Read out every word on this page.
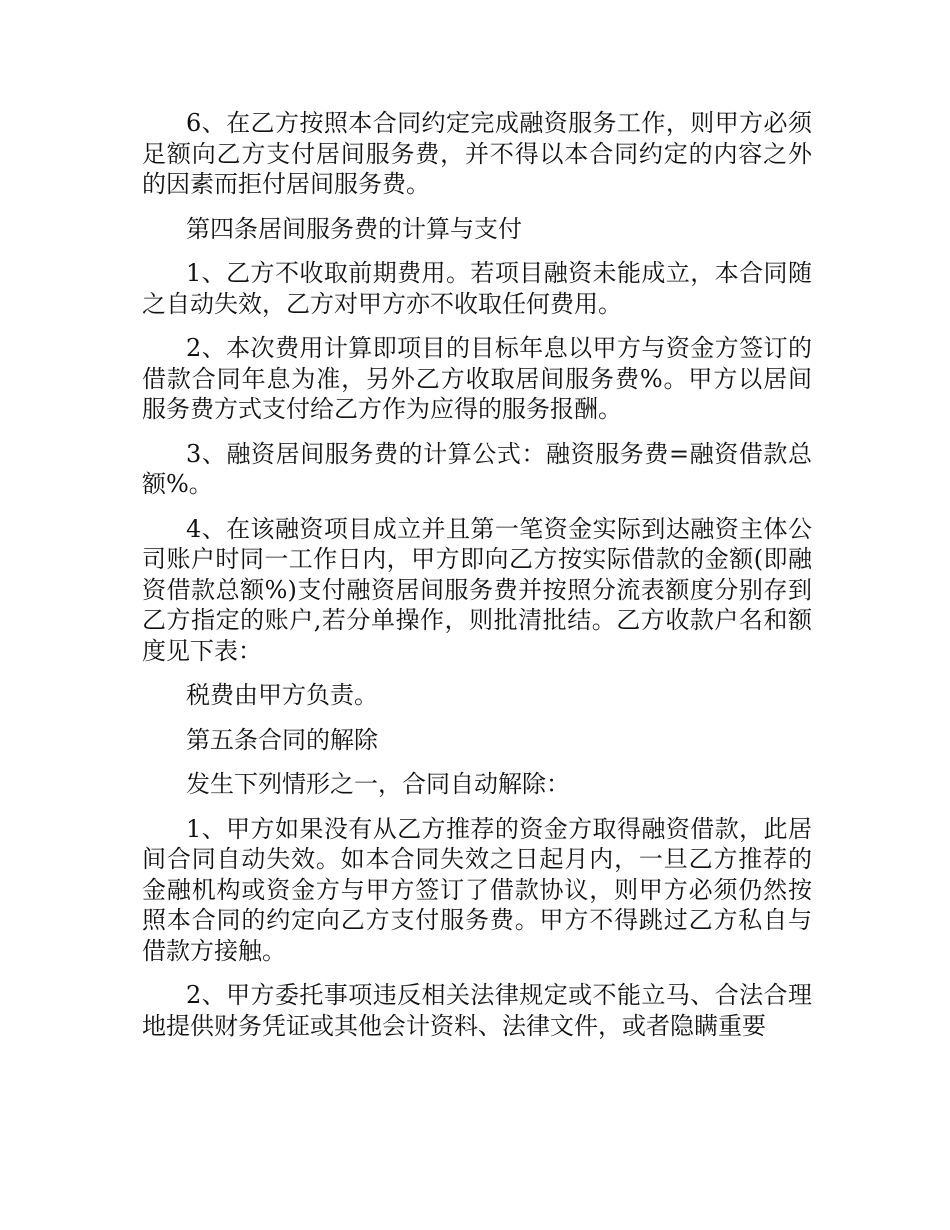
6、在乙方按照本合同约定完成融资服务工作，则甲方必须足额向乙方支付居间服务费，并不得以本合同约定的内容之外的因素而拒付居间服务费。

第四条居间服务费的计算与支付

1、乙方不收取前期费用。若项目融资未能成立，本合同随之自动失效，乙方对甲方亦不收取任何费用。

2、本次费用计算即项目的目标年息以甲方与资金方签订的借款合同年息为准，另外乙方收取居间服务费%。甲方以居间服务费方式支付给乙方作为应得的服务报酬。

3、融资居间服务费的计算公式：融资服务费=融资借款总额%。

4、在该融资项目成立并且第一笔资金实际到达融资主体公司账户时同一工作日内，甲方即向乙方按实际借款的金额(即融资借款总额%)支付融资居间服务费并按照分流表额度分别存到乙方指定的账户,若分单操作，则批清批结。乙方收款户名和额度见下表：

税费由甲方负责。

第五条合同的解除

发生下列情形之一，合同自动解除：

1、甲方如果没有从乙方推荐的资金方取得融资借款，此居间合同自动失效。如本合同失效之日起月内，一旦乙方推荐的金融机构或资金方与甲方签订了借款协议，则甲方必须仍然按照本合同的约定向乙方支付服务费。甲方不得跳过乙方私自与借款方接触。

2、甲方委托事项违反相关法律规定或不能立马、合法合理地提供财务凭证或其他会计资料、法律文件，或者隐瞒重要
